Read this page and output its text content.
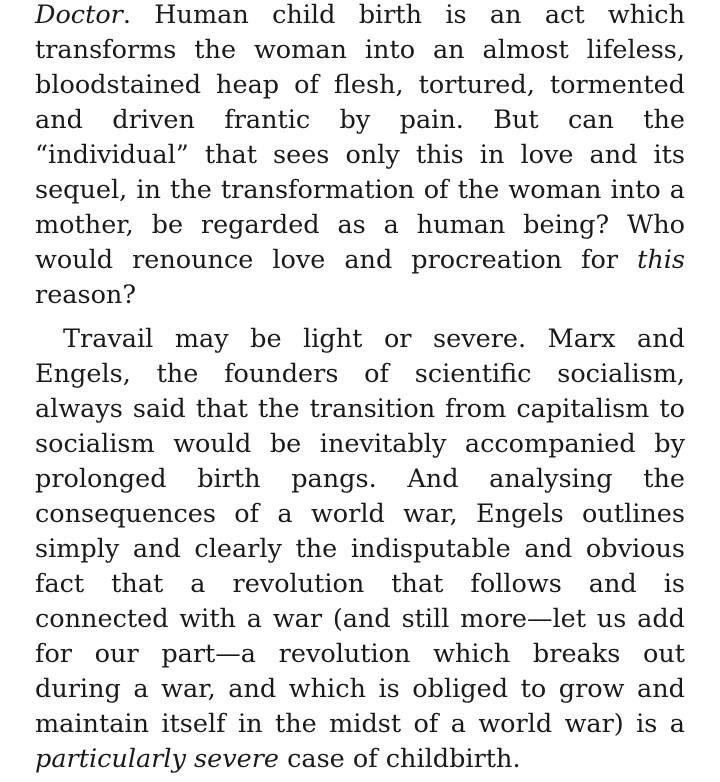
Doctor. Human child birth is an act which transforms the woman into an almost lifeless, bloodstained heap of flesh, tortured, tormented and driven frantic by pain. But can the “individual” that sees only this in love and its sequel, in the transformation of the woman into a mother, be regarded as a human being? Who would renounce love and procreation for this reason?

Travail may be light or severe. Marx and Engels, the founders of scientific socialism, always said that the transition from capitalism to socialism would be inevitably accompanied by prolonged birth pangs. And analysing the consequences of a world war, Engels outlines simply and clearly the indisputable and obvious fact that a revolution that follows and is connected with a war (and still more—let us add for our part—a revolution which breaks out during a war, and which is obliged to grow and maintain itself in the midst of a world war) is a particularly severe case of childbirth.
